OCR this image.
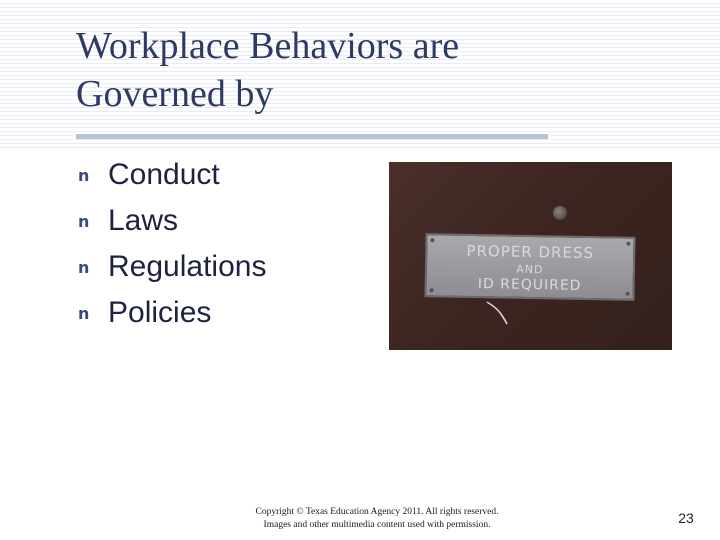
Workplace Behaviors are
Governed by
n Conduct
n Laws
n Regulations
n Policies
PROPER DRESS
AND
ID REQUIRED
Copyright © Texas Education Agency 2011. All rights reserved.
Images and other multimedia content used with permission.	23
